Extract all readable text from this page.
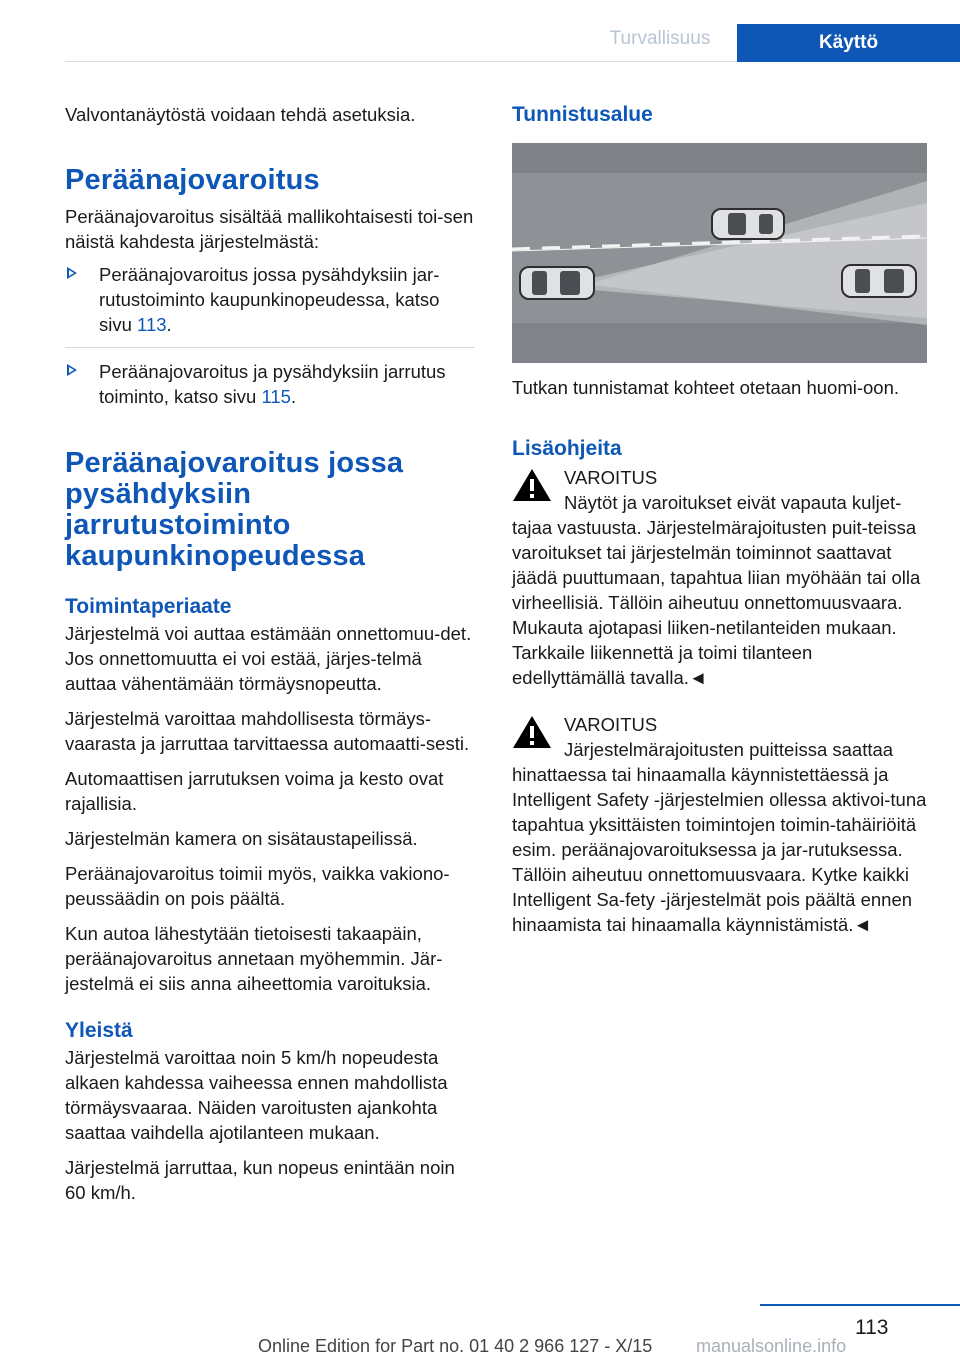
Turvallisuus	Käyttö

Valvontanäytöstä voidaan tehdä asetuksia.

Peräänajovaroitus

Peräänajovaroitus sisältää mallikohtaisesti toi-sen näistä kahdesta järjestelmästä:

Peräänajovaroitus jossa pysähdyksiin jar-rutustoiminto kaupunkinopeudessa, katso sivu 113.
Peräänajovaroitus ja pysähdyksiin jarrutus toiminto, katso sivu 115.
Peräänajovaroitus jossa pysähdyksiin jarrutustoiminto kaupunkinopeudessa
Toimintaperiaate

Järjestelmä voi auttaa estämään onnettomuu-det. Jos onnettomuutta ei voi estää, järjes-telmä auttaa vähentämään törmäysnopeutta.

Järjestelmä varoittaa mahdollisesta törmäys-vaarasta ja jarruttaa tarvittaessa automaatti-sesti.

Automaattisen jarrutuksen voima ja kesto ovat rajallisia.

Järjestelmän kamera on sisätaustapeilissä.

Peräänajovaroitus toimii myös, vaikka vakiono-peussäädin on pois päältä.

Kun autoa lähestytään tietoisesti takaapäin, peräänajovaroitus annetaan myöhemmin. Jär-jestelmä ei siis anna aiheettomia varoituksia.

Yleistä

Järjestelmä varoittaa noin 5 km/h nopeudesta alkaen kahdessa vaiheessa ennen mahdollista törmäysvaaraa. Näiden varoitusten ajankohta saattaa vaihdella ajotilanteen mukaan.

Järjestelmä jarruttaa, kun nopeus enintään noin 60 km/h.

Tunnistusalue

Tutkan tunnistamat kohteet otetaan huomi-oon.

Lisäohjeita
VAROITUS
Näytöt ja varoitukset eivät vapauta kuljet-

tajaa vastuusta. Järjestelmärajoitusten puit-teissa varoitukset tai järjestelmän toiminnot saattavat jäädä puuttumaan, tapahtua liian myöhään tai olla virheellisiä. Tällöin aiheutuu onnettomuusvaara. Mukauta ajotapasi liiken-netilanteiden mukaan. Tarkkaile liikennettä ja toimi tilanteen edellyttämällä tavalla.◄

VAROITUS
Järjestelmärajoitusten puitteissa saattaa

hinattaessa tai hinaamalla käynnistettäessä ja Intelligent Safety -järjestelmien ollessa aktivoi-tuna tapahtua yksittäisten toimintojen toimin-tahäiriöitä esim. peräänajovaroituksessa ja jar-rutuksessa. Tällöin aiheutuu onnettomuusvaara. Kytke kaikki Intelligent Sa-fety -järjestelmät pois päältä ennen hinaamista tai hinaamalla käynnistämistä.◄

113
Online Edition for Part no. 01 40 2 966 127 - X/15 manualsonline.info
